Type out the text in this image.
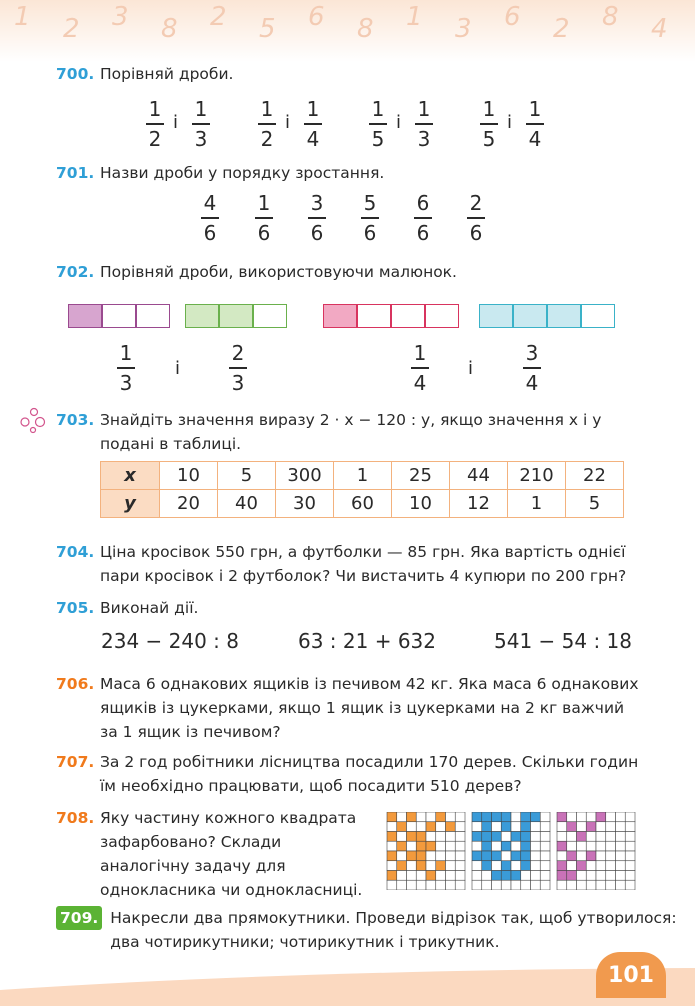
1 2 3 8 2 5 6 8 1 3 6 2 8 4
700. Порівняй дроби.
1
2
і
1
3
1
2
і
1
4
1
5
і
1
3
1
5
і
1
4
701. Назви дроби у порядку зростання.
4
6
1
6
3
6
5
6
6
6
2
6
702. Порівняй дроби, використовуючи малюнок.
1
3
2
3
1
4
3
4
і	і
703. Знайдіть значення виразу 2 · x − 120 : y, якщо значення x і y
подані в таблиці.
x	10	5	300	1	25	44	210	22
y	20	40	30	60	10	12	1	5
704. Ціна кросівок 550 грн, а футболки — 85 грн. Яка вартість однієї
пари кросівок і 2 футболок? Чи вистачить 4 купюри по 200 грн?
705. Виконай дії.
234 − 240 : 8	63 : 21 + 632	541 − 54 : 18
706. Маса 6 однакових ящиків із печивом 42 кг. Яка маса 6 однакових
ящиків із цукерками, якщо 1 ящик із цукерками на 2 кг важчий
за 1 ящик із печивом?
707. За 2 год робітники лісництва посадили 170 дерев. Скільки годин
їм необхідно працювати, щоб посадити 510 дерев?
708. Яку частину кожного квадрата
зафарбовано? Склади
аналогічну задачу для
однокласника чи однокласниці.
709. Накресли два прямокутники. Проведи відрізок так, щоб утворилося:
два чотирикутники; чотирикутник і трикутник.
101
